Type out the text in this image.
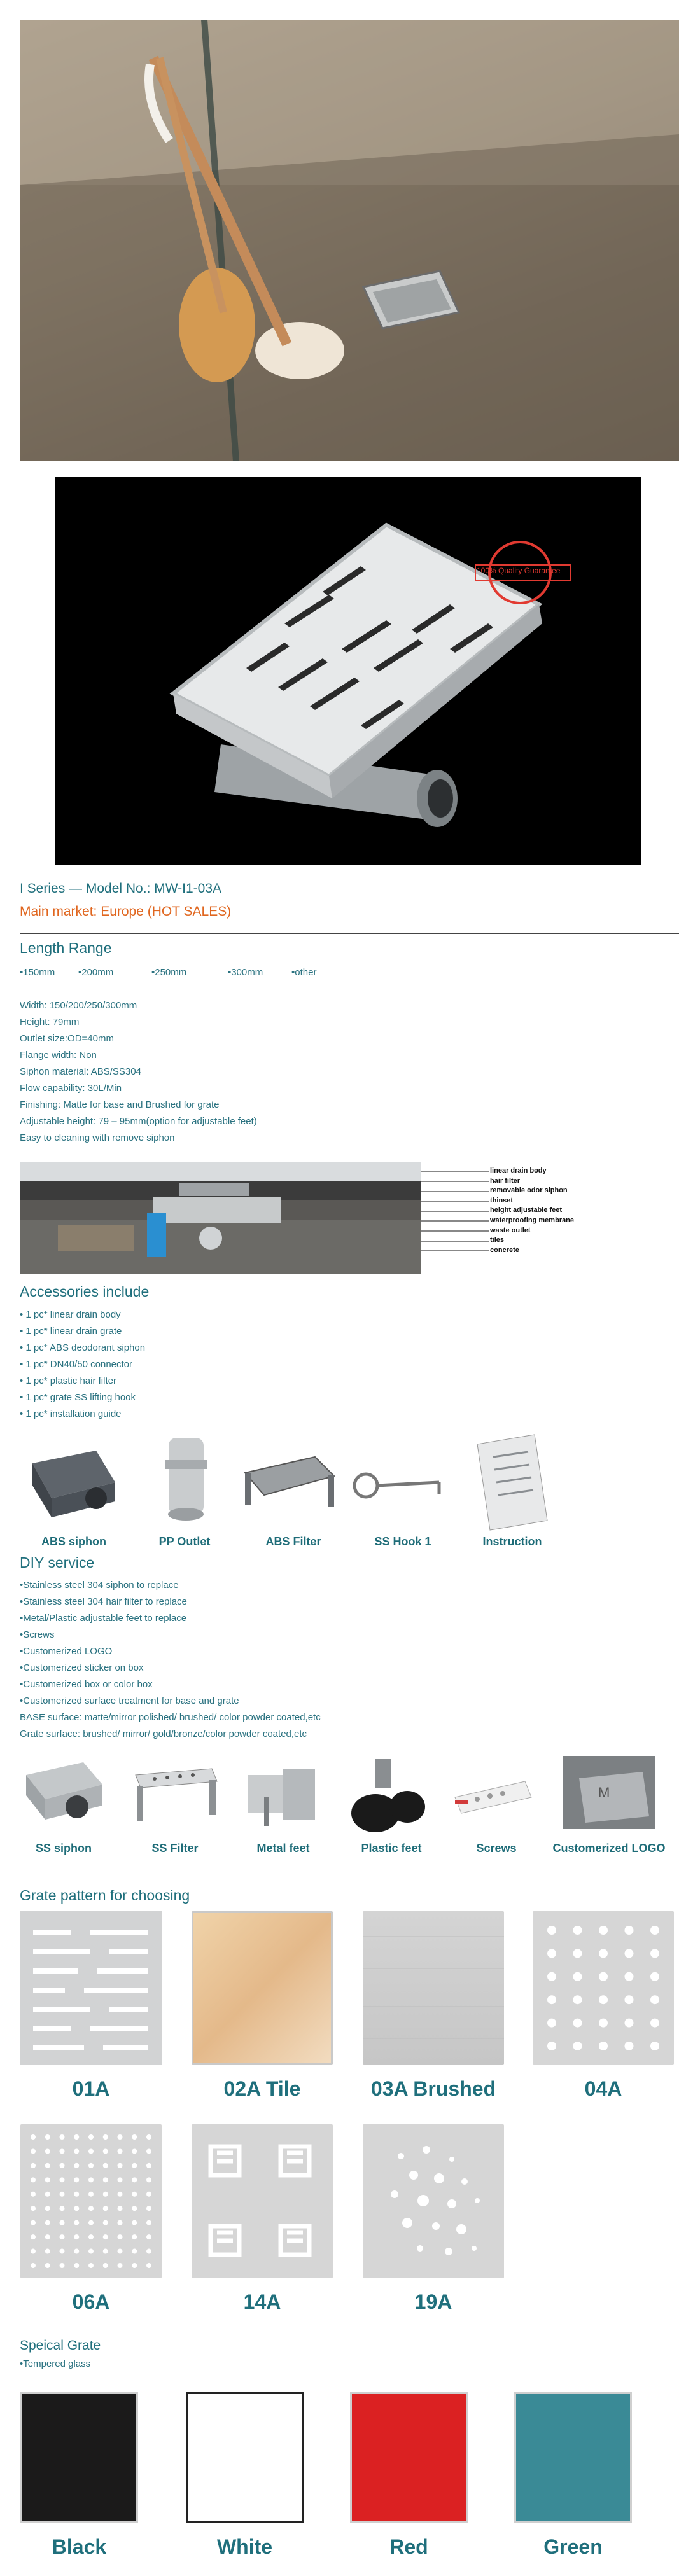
100% Quality Guarantee
I Series — Model No.: MW-I1-03A
Main market: Europe (HOT SALES)
Length Range
•150mm •200mm	•250mm	•300mm	•other
Width: 150/200/250/300mm
Height: 79mm
Outlet size:OD=40mm
Flange width: Non
Siphon material: ABS/SS304
Flow capability: 30L/Min
Finishing: Matte for base and Brushed for grate
Adjustable height: 79 – 95mm(option for adjustable feet)
Easy to cleaning with remove siphon
linear drain body
hair filter
removable odor siphon
thinset
height adjustable feet
waterproofing membrane
waste outlet
tiles
concrete
Accessories include
• 1 pc* linear drain body
• 1 pc* linear drain grate
• 1 pc* ABS deodorant siphon
• 1 pc* DN40/50 connector
• 1 pc* plastic hair filter
• 1 pc* grate SS lifting hook
• 1 pc* installation guide
ABS siphon	PP Outlet	ABS Filter	SS Hook 1	Instruction
DIY service
•Stainless steel 304 siphon to replace
•Stainless steel 304 hair filter to replace
•Metal/Plastic adjustable feet to replace
•Screws
•Customerized LOGO
•Customerized sticker on box
•Customerized box or color box
•Customerized surface treatment for base and grate
BASE surface: matte/mirror polished/ brushed/ color powder coated,etc
Grate surface: brushed/ mirror/ gold/bronze/color powder coated,etc
M
SS siphon	SS Filter	Metal feet	Plastic feet	Screws	Customerized LOGO
Grate pattern for choosing
01A	02A Tile	03A Brushed	04A
06A	14A	19A
Speical Grate
•Tempered glass
Black	White	Red	Green
